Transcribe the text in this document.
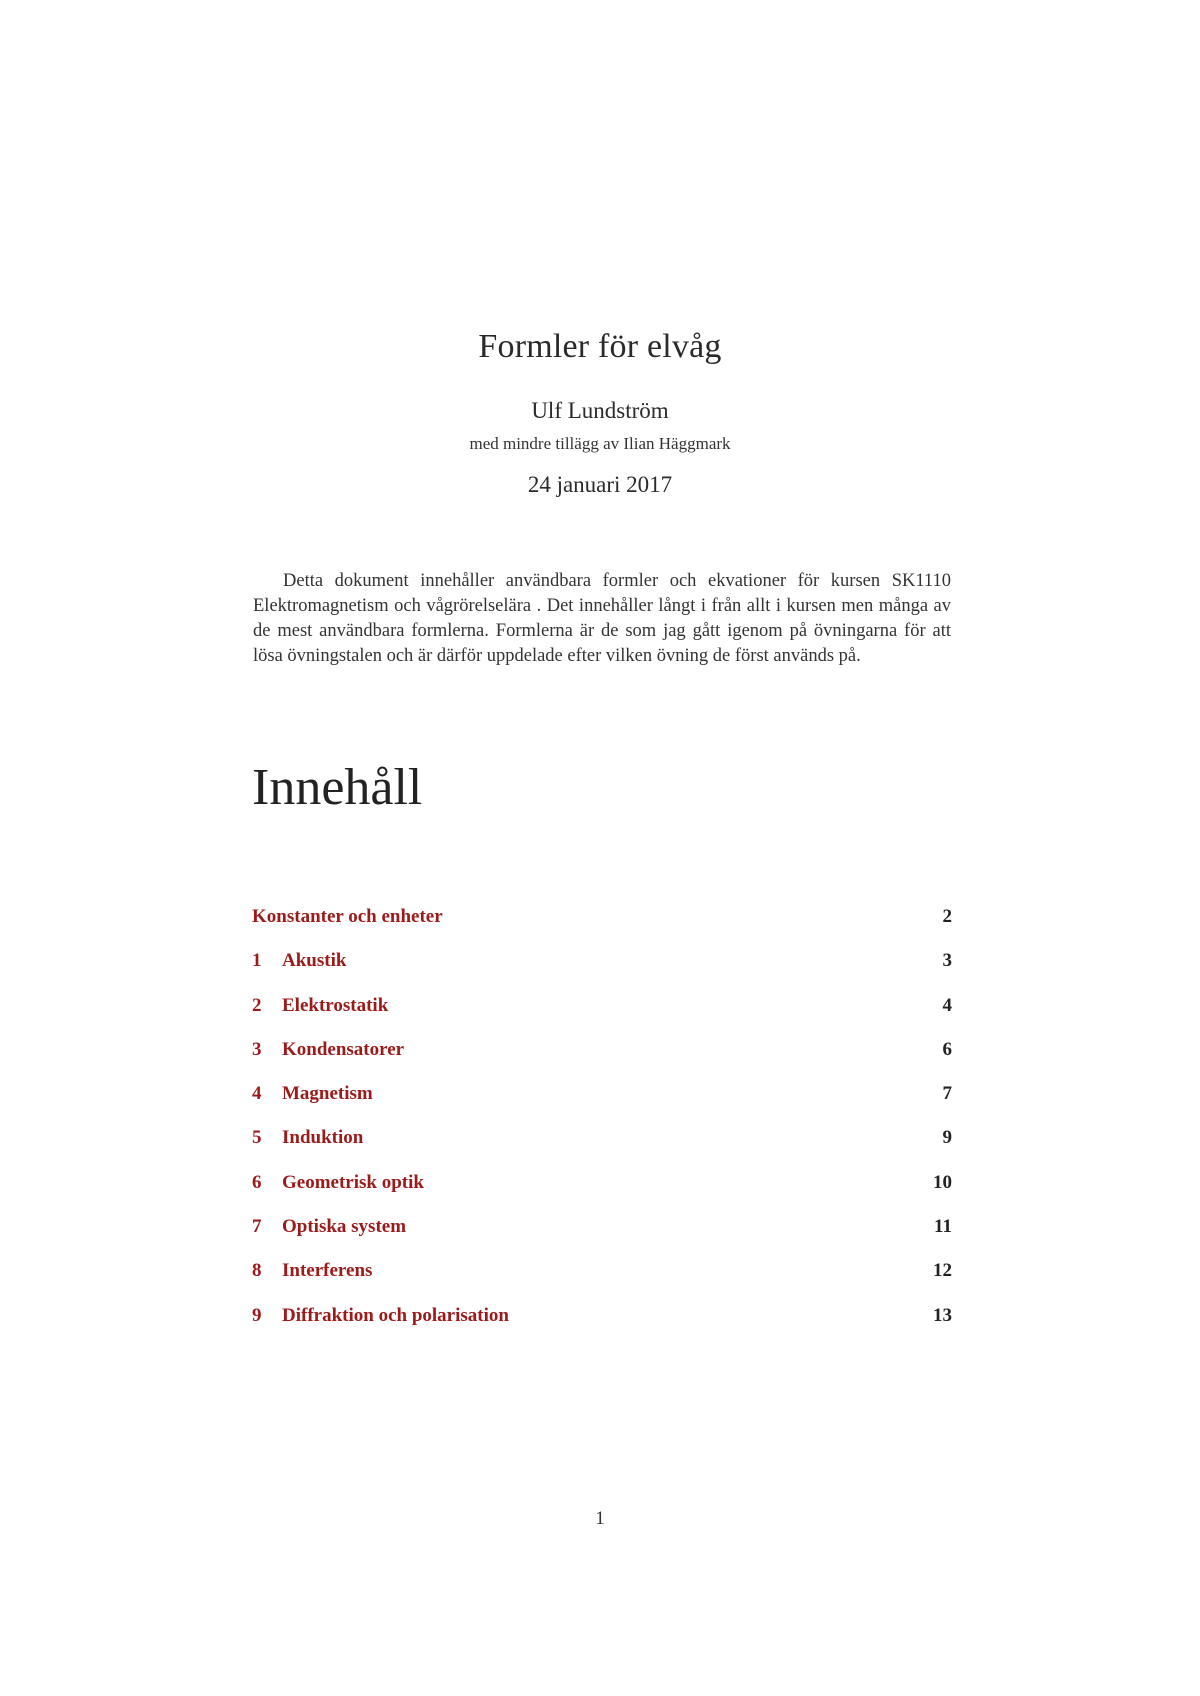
Formler för elvåg
Ulf Lundström
med mindre tillägg av Ilian Häggmark
24 januari 2017

Detta dokument innehåller användbara formler och ekvationer för kursen SK1110 Elektromagnetism och vågrörelselära . Det innehåller långt i från allt i kursen men många av de mest användbara formlerna. Formlerna är de som jag gått igenom på övningarna för att lösa övningstalen och är därför uppdelade efter vilken övning de först används på.

Innehåll
Konstanter och enheter	2
1	Akustik	3
2	Elektrostatik	4
3	Kondensatorer	6
4	Magnetism	7
5	Induktion	9
6	Geometrisk optik	10
7	Optiska system	11
8	Interferens	12
9	Diffraktion och polarisation	13
1
